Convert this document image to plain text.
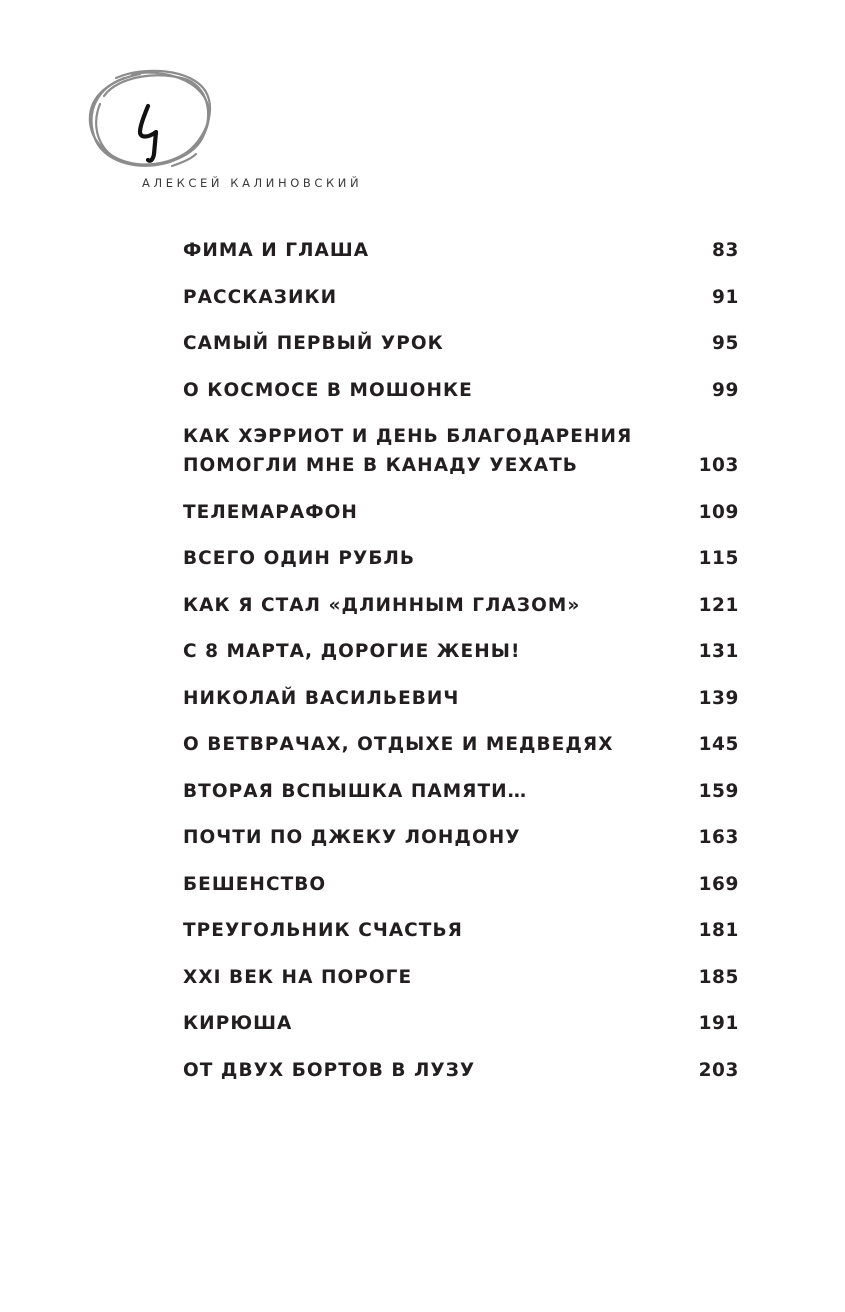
АЛЕКСЕЙ КАЛИНОВСКИЙ
ФИМА И ГЛАША	83
РАССКАЗИКИ	91
САМЫЙ ПЕРВЫЙ УРОК	95
О КОСМОСЕ В МОШОНКЕ	99
КАК ХЭРРИОТ И ДЕНЬ БЛАГОДАРЕНИЯ
ПОМОГЛИ МНЕ В КАНАДУ УЕХАТЬ	103
ТЕЛЕМАРАФОН	109
ВСЕГО ОДИН РУБЛЬ	115
КАК Я СТАЛ «ДЛИННЫМ ГЛАЗОМ»	121
С 8 МАРТА, ДОРОГИЕ ЖЕНЫ!	131
НИКОЛАЙ ВАСИЛЬЕВИЧ	139
О ВЕТВРАЧАХ, ОТДЫХЕ И МЕДВЕДЯХ	145
ВТОРАЯ ВСПЫШКА ПАМЯТИ…	159
ПОЧТИ ПО ДЖЕКУ ЛОНДОНУ	163
БЕШЕНСТВО	169
ТРЕУГОЛЬНИК СЧАСТЬЯ	181
XXI ВЕК НА ПОРОГЕ	185
КИРЮША	191
ОТ ДВУХ БОРТОВ В ЛУЗУ	203
